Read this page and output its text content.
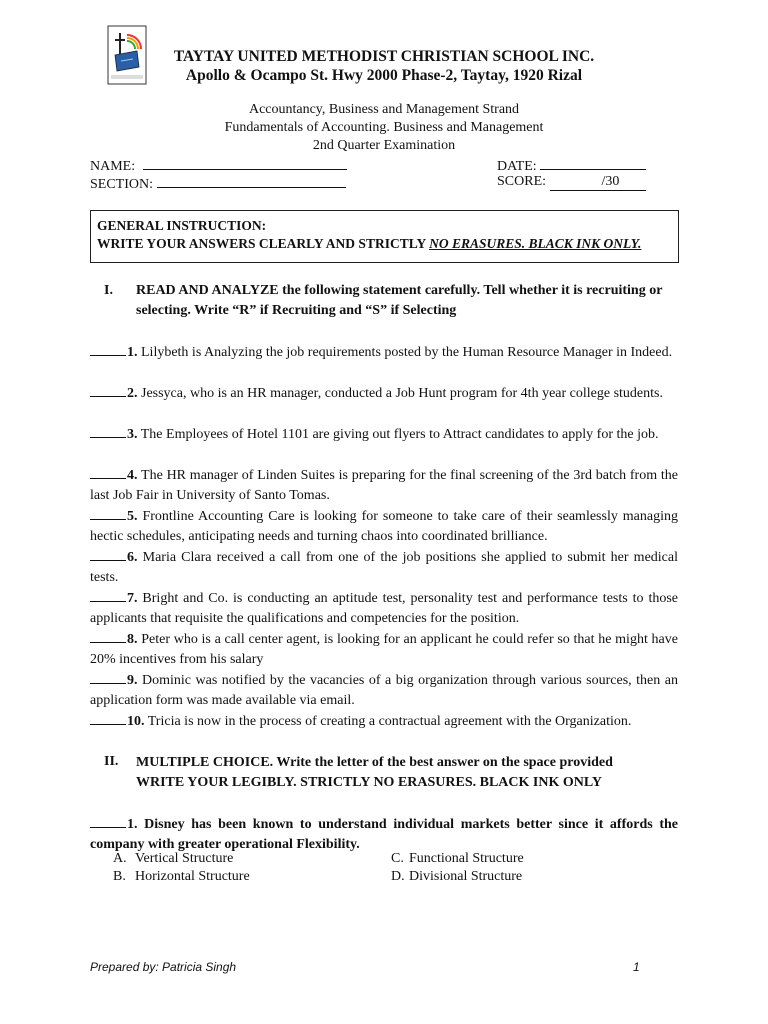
TAYTAY UNITED METHODIST CHRISTIAN SCHOOL INC.
Apollo & Ocampo St. Hwy 2000 Phase-2, Taytay, 1920 Rizal
Accountancy, Business and Management Strand
Fundamentals of Accounting. Business and Management
2nd Quarter Examination
NAME:
SECTION:
DATE:
SCORE:	/30
GENERAL INSTRUCTION:
WRITE YOUR ANSWERS CLEARLY AND STRICTLY NO ERASURES. BLACK INK ONLY.
I. READ AND ANALYZE the following statement carefully. Tell whether it is recruiting or selecting. Write “R” if Recruiting and “S” if Selecting
1. Lilybeth is Analyzing the job requirements posted by the Human Resource Manager in Indeed.
2. Jessyca, who is an HR manager, conducted a Job Hunt program for 4th year college students.
3. The Employees of Hotel 1101 are giving out flyers to Attract candidates to apply for the job.
4. The HR manager of Linden Suites is preparing for the final screening of the 3rd batch from the last Job Fair in University of Santo Tomas.
5. Frontline Accounting Care is looking for someone to take care of their seamlessly managing hectic schedules, anticipating needs and turning chaos into coordinated brilliance.
6. Maria Clara received a call from one of the job positions she applied to submit her medical tests.
7. Bright and Co. is conducting an aptitude test, personality test and performance tests to those applicants that requisite the qualifications and competencies for the position.
8. Peter who is a call center agent, is looking for an applicant he could refer so that he might have 20% incentives from his salary
9. Dominic was notified by the vacancies of a big organization through various sources, then an application form was made available via email.
10. Tricia is now in the process of creating a contractual agreement with the Organization.
II. MULTIPLE CHOICE. Write the letter of the best answer on the space provided
WRITE YOUR LEGIBLY. STRICTLY NO ERASURES. BLACK INK ONLY
1. Disney has been known to understand individual markets better since it affords the company with greater operational Flexibility.
A. Vertical Structure
B. Horizontal Structure
C. Functional Structure
D. Divisional Structure
Prepared by: Patricia Singh	1
